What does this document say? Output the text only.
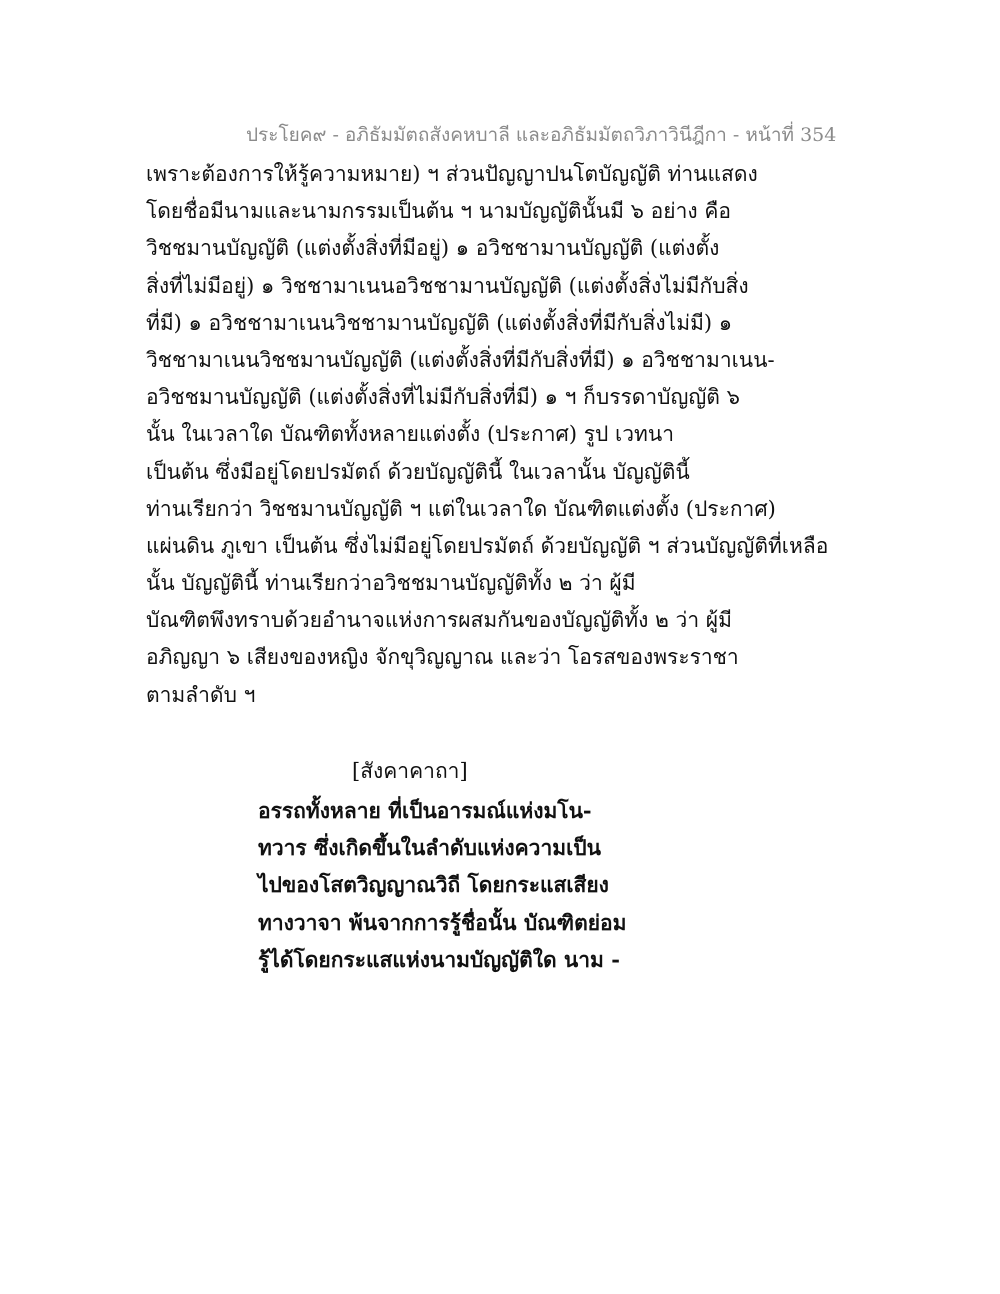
ประโยค๙ - อภิธัมมัตถสังคหบาลี และอภิธัมมัตถวิภาวินีฎีกา - หน้าที่ 354
เพราะต้องการให้รู้ความหมาย) ฯ ส่วนปัญญาปนโตบัญญัติ ท่านแสดง
โดยชื่อมีนามและนามกรรมเป็นต้น ฯ นามบัญญัตินั้นมี ๖ อย่าง คือ
วิชชมานบัญญัติ (แต่งตั้งสิ่งที่มีอยู่) ๑ อวิชชามานบัญญัติ (แต่งตั้ง
สิ่งที่ไม่มีอยู่) ๑ วิชชามาเนนอวิชชามานบัญญัติ (แต่งตั้งสิ่งไม่มีกับสิ่ง
ที่มี) ๑ อวิชชามาเนนวิชชามานบัญญัติ (แต่งตั้งสิ่งที่มีกับสิ่งไม่มี) ๑
วิชชามาเนนวิชชมานบัญญัติ (แต่งตั้งสิ่งที่มีกับสิ่งที่มี) ๑ อวิชชามาเนน-
อวิชชมานบัญญัติ (แต่งตั้งสิ่งที่ไม่มีกับสิ่งที่มี) ๑ ฯ ก็บรรดาบัญญัติ ๖
นั้น ในเวลาใด บัณฑิตทั้งหลายแต่งตั้ง (ประกาศ) รูป เวทนา
เป็นต้น ซึ่งมีอยู่โดยปรมัตถ์ ด้วยบัญญัตินี้ ในเวลานั้น บัญญัตินี้
ท่านเรียกว่า วิชชมานบัญญัติ ฯ แต่ในเวลาใด บัณฑิตแต่งตั้ง (ประกาศ)
แผ่นดิน ภูเขา เป็นต้น ซึ่งไม่มีอยู่โดยปรมัตถ์ ด้วยบัญญัติ ฯ ส่วนบัญญัติที่เหลือ
นั้น บัญญัตินี้ ท่านเรียกว่าอวิชชมานบัญญัติทั้ง ๒ ว่า ผู้มี
บัณฑิตพึงทราบด้วยอำนาจแห่งการผสมกันของบัญญัติทั้ง ๒ ว่า ผู้มี
อภิญญา ๖ เสียงของหญิง จักขุวิญญาณ และว่า โอรสของพระราชา
ตามลำดับ ฯ
[สังคาคาถา]
อรรถทั้งหลาย ที่เป็นอารมณ์แห่งมโน-
ทวาร ซึ่งเกิดขึ้นในลำดับแห่งความเป็น
ไปของโสตวิญญาณวิถี โดยกระแสเสียง
ทางวาจา พ้นจากการรู้ชื่อนั้น บัณฑิตย่อม
รู้ได้โดยกระแสแห่งนามบัญญัติใด นาม -
